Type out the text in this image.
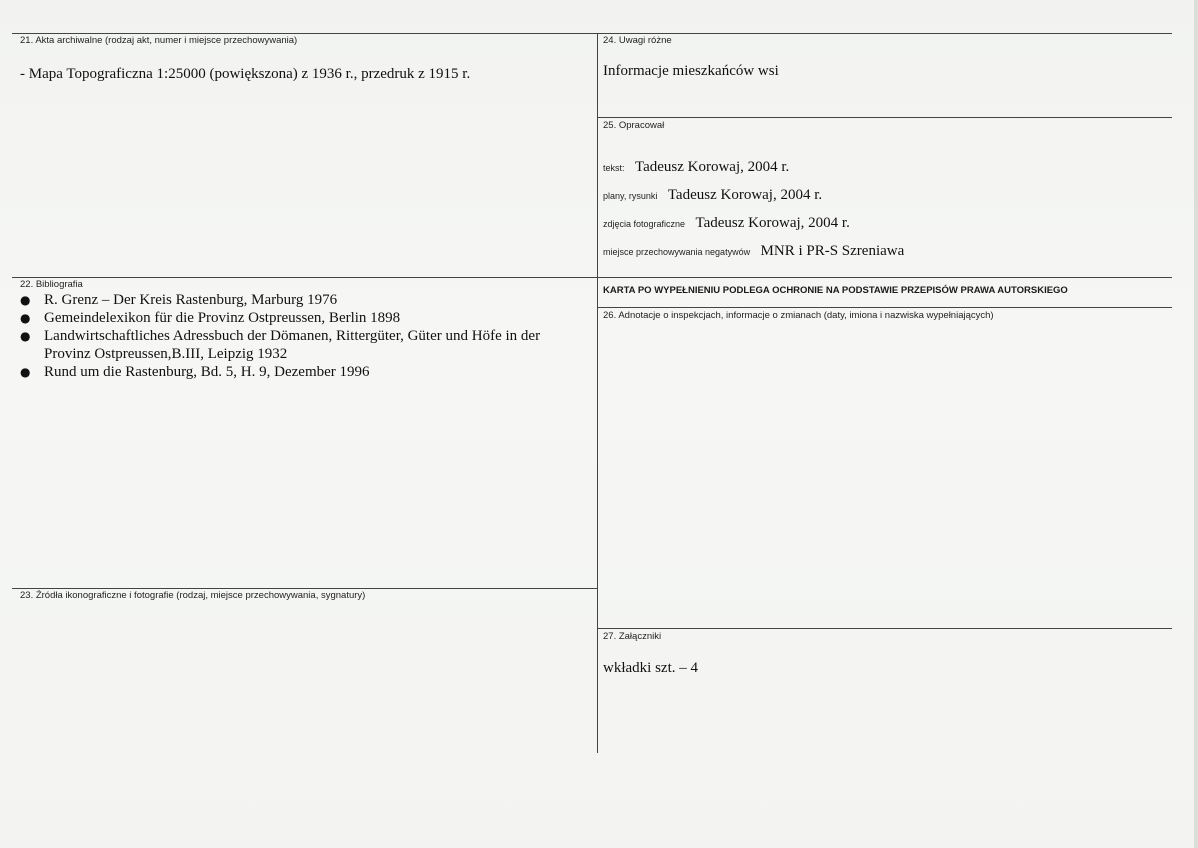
21. Akta archiwalne (rodzaj akt, numer i miejsce przechowywania)
- Mapa Topograficzna 1:25000 (powiększona) z 1936 r., przedruk z 1915 r.
22. Bibliografia
● R. Grenz – Der Kreis Rastenburg, Marburg 1976
● Gemeindelexikon für die Provinz Ostpreussen, Berlin 1898
● Landwirtschaftliches Adressbuch der Dömanen, Rittergüter, Güter und Höfe in der
Provinz Ostpreussen,B.III, Leipzig 1932
● Rund um die Rastenburg, Bd. 5, H. 9, Dezember 1996
23. Źródła ikonograficzne i fotografie (rodzaj, miejsce przechowywania, sygnatury)
24. Uwagi różne
Informacje mieszkańców wsi
25. Opracował
tekst: Tadeusz Korowaj, 2004 r.
plany, rysunki Tadeusz Korowaj, 2004 r.
zdjęcia fotograficzne Tadeusz Korowaj, 2004 r.
miejsce przechowywania negatywów MNR i PR-S Szreniawa
KARTA PO WYPEŁNIENIU PODLEGA OCHRONIE NA PODSTAWIE PRZEPISÓW PRAWA AUTORSKIEGO
26. Adnotacje o inspekcjach, informacje o zmianach (daty, imiona i nazwiska wypełniających)
27. Załączniki
wkładki szt. – 4
